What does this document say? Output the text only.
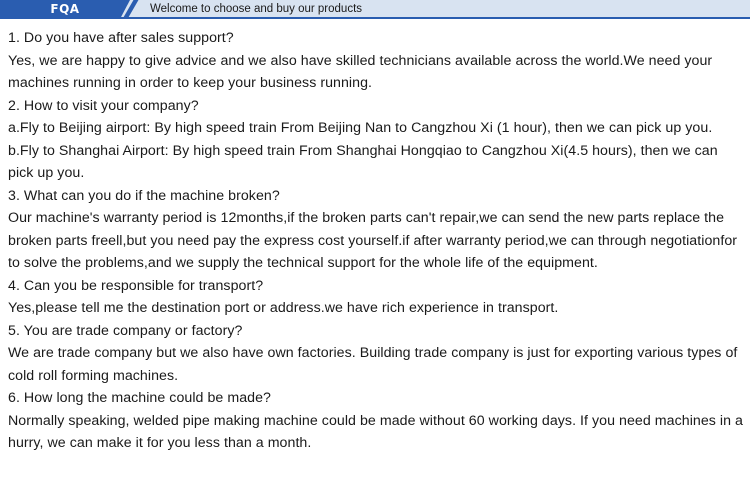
FQA	Welcome to choose and buy our products

1. Do you have after sales support?

Yes, we are happy to give advice and we also have skilled technicians available across the world.We need your machines running in order to keep your business running.

2. How to visit your company?

a.Fly to Beijing airport: By high speed train From Beijing Nan to Cangzhou Xi (1 hour), then we can pick up you.

b.Fly to Shanghai Airport: By high speed train From Shanghai Hongqiao to Cangzhou Xi(4.5 hours), then we can pick up you.

3. What can you do if the machine broken?

Our machine's warranty period is 12months,if the broken parts can't repair,we can send the new parts replace the broken parts freell,but you need pay the express cost yourself.if after warranty period,we can through negotiationfor to solve the problems,and we supply the technical support for the whole life of the equipment.

4. Can you be responsible for transport?

Yes,please tell me the destination port or address.we have rich experience in transport.

5. You are trade company or factory?

We are trade company but we also have own factories. Building trade company is just for exporting various types of cold roll forming machines.

6. How long the machine could be made?

Normally speaking, welded pipe making machine could be made without 60 working days. If you need machines in a hurry, we can make it for you less than a month.
